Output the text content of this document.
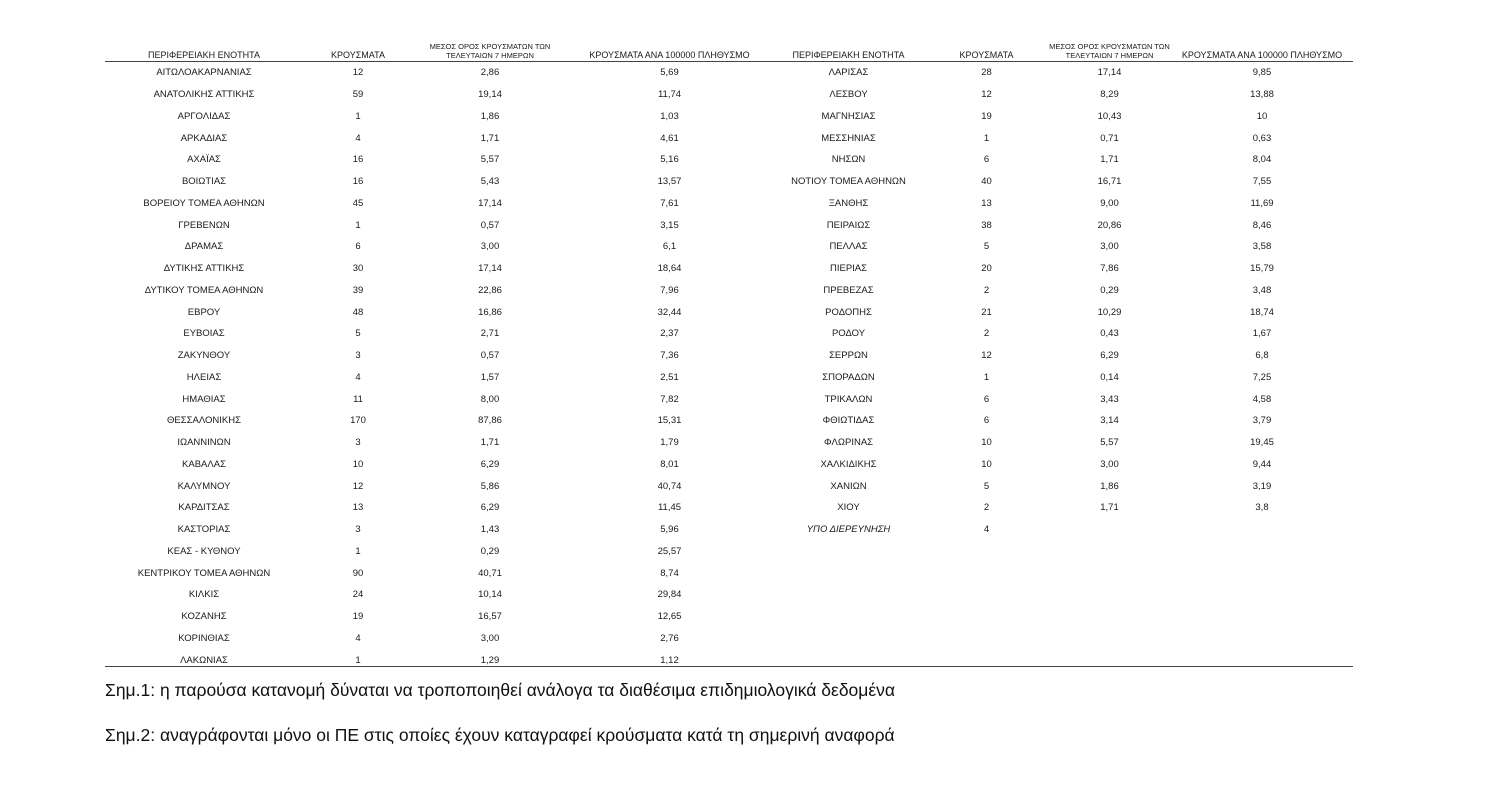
ΠΕΡΙΦΕΡΕΙΑΚΗ ΕΝΟΤΗΤΑ	ΚΡΟΥΣΜΑΤΑ	ΜΕΣΟΣ ΟΡΟΣ ΚΡΟΥΣΜΑΤΩΝ ΤΩΝ ΤΕΛΕΥΤΑΙΩΝ 7 ΗΜΕΡΩΝ	ΚΡΟΥΣΜΑΤΑ ΑΝΑ 100000 ΠΛΗΘΥΣΜΟ
ΑΙΤΩΛΟΑΚΑΡΝΑΝΙΑΣ	12	2,86	5,69
ΑΝΑΤΟΛΙΚΗΣ ΑΤΤΙΚΗΣ	59	19,14	11,74
ΑΡΓΟΛΙΔΑΣ	1	1,86	1,03
ΑΡΚΑΔΙΑΣ	4	1,71	4,61
ΑΧΑΪΑΣ	16	5,57	5,16
ΒΟΙΩΤΙΑΣ	16	5,43	13,57
ΒΟΡΕΙΟΥ ΤΟΜΕΑ ΑΘΗΝΩΝ	45	17,14	7,61
ΓΡΕΒΕΝΩΝ	1	0,57	3,15
ΔΡΑΜΑΣ	6	3,00	6,1
ΔΥΤΙΚΗΣ ΑΤΤΙΚΗΣ	30	17,14	18,64
ΔΥΤΙΚΟΥ ΤΟΜΕΑ ΑΘΗΝΩΝ	39	22,86	7,96
ΕΒΡΟΥ	48	16,86	32,44
ΕΥΒΟΙΑΣ	5	2,71	2,37
ΖΑΚΥΝΘΟΥ	3	0,57	7,36
ΗΛΕΙΑΣ	4	1,57	2,51
ΗΜΑΘΙΑΣ	11	8,00	7,82
ΘΕΣΣΑΛΟΝΙΚΗΣ	170	87,86	15,31
ΙΩΑΝΝΙΝΩΝ	3	1,71	1,79
ΚΑΒΑΛΑΣ	10	6,29	8,01
ΚΑΛΥΜΝΟΥ	12	5,86	40,74
ΚΑΡΔΙΤΣΑΣ	13	6,29	11,45
ΚΑΣΤΟΡΙΑΣ	3	1,43	5,96
ΚΕΑΣ - ΚΥΘΝΟΥ	1	0,29	25,57
ΚΕΝΤΡΙΚΟΥ ΤΟΜΕΑ ΑΘΗΝΩΝ	90	40,71	8,74
ΚΙΛΚΙΣ	24	10,14	29,84
ΚΟΖΑΝΗΣ	19	16,57	12,65
ΚΟΡΙΝΘΙΑΣ	4	3,00	2,76
ΛΑΚΩΝΙΑΣ	1	1,29	1,12
ΠΕΡΙΦΕΡΕΙΑΚΗ ΕΝΟΤΗΤΑ	ΚΡΟΥΣΜΑΤΑ	ΜΕΣΟΣ ΟΡΟΣ ΚΡΟΥΣΜΑΤΩΝ ΤΩΝ ΤΕΛΕΥΤΑΙΩΝ 7 ΗΜΕΡΩΝ	ΚΡΟΥΣΜΑΤΑ ΑΝΑ 100000 ΠΛΗΘΥΣΜΟ
ΛΑΡΙΣΑΣ	28	17,14	9,85
ΛΕΣΒΟΥ	12	8,29	13,88
ΜΑΓΝΗΣΙΑΣ	19	10,43	10
ΜΕΣΣΗΝΙΑΣ	1	0,71	0,63
ΝΗΣΩΝ	6	1,71	8,04
ΝΟΤΙΟΥ ΤΟΜΕΑ ΑΘΗΝΩΝ	40	16,71	7,55
ΞΑΝΘΗΣ	13	9,00	11,69
ΠΕΙΡΑΙΩΣ	38	20,86	8,46
ΠΕΛΛΑΣ	5	3,00	3,58
ΠΙΕΡΙΑΣ	20	7,86	15,79
ΠΡΕΒΕΖΑΣ	2	0,29	3,48
ΡΟΔΟΠΗΣ	21	10,29	18,74
ΡΟΔΟΥ	2	0,43	1,67
ΣΕΡΡΩΝ	12	6,29	6,8
ΣΠΟΡΑΔΩΝ	1	0,14	7,25
ΤΡΙΚΑΛΩΝ	6	3,43	4,58
ΦΘΙΩΤΙΔΑΣ	6	3,14	3,79
ΦΛΩΡΙΝΑΣ	10	5,57	19,45
ΧΑΛΚΙΔΙΚΗΣ	10	3,00	9,44
ΧΑΝΙΩΝ	5	1,86	3,19
ΧΙΟΥ	2	1,71	3,8
ΥΠΟ ΔΙΕΡΕΥΝΗΣΗ	4		

Σημ.1: η παρούσα κατανομή δύναται να τροποποιηθεί ανάλογα τα διαθέσιμα επιδημιολογικά δεδομένα

Σημ.2: αναγράφονται μόνο οι ΠΕ στις οποίες έχουν καταγραφεί κρούσματα κατά τη σημερινή αναφορά
